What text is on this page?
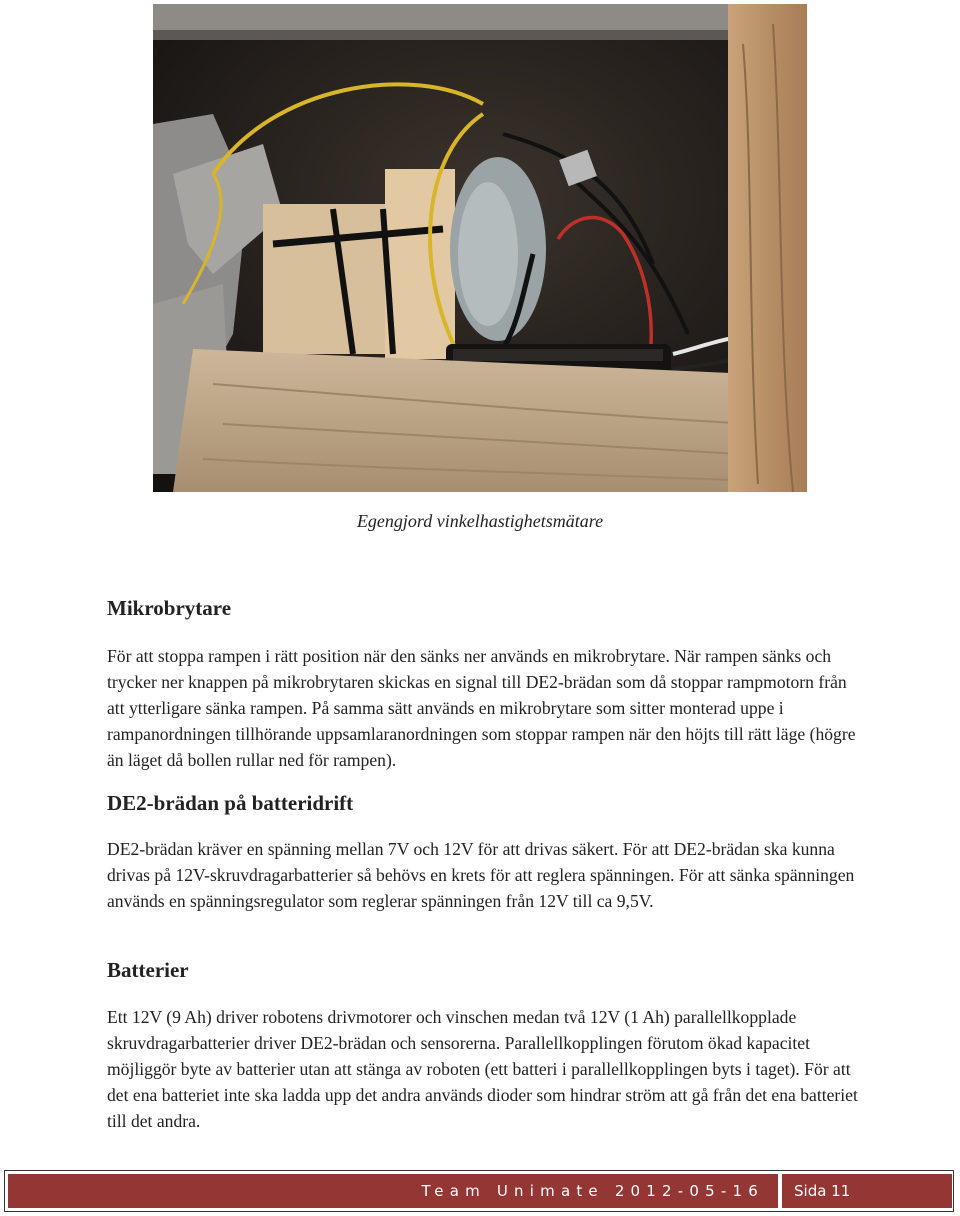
Egengjord vinkelhastighetsmätare
Mikrobrytare

För att stoppa rampen i rätt position när den sänks ner används en mikrobrytare. När rampen sänks och trycker ner knappen på mikrobrytaren skickas en signal till DE2-brädan som då stoppar rampmotorn från att ytterligare sänka rampen. På samma sätt används en mikrobrytare som sitter monterad uppe i rampanordningen tillhörande uppsamlaranordningen som stoppar rampen när den höjts till rätt läge (högre än läget då bollen rullar ned för rampen).

DE2-brädan på batteridrift

DE2-brädan kräver en spänning mellan 7V och 12V för att drivas säkert. För att DE2-brädan ska kunna drivas på 12V-skruvdragarbatterier så behövs en krets för att reglera spänningen. För att sänka spänningen används en spänningsregulator som reglerar spänningen från 12V till ca 9,5V.

Batterier

Ett 12V (9 Ah) driver robotens drivmotorer och vinschen medan två 12V (1 Ah) parallellkopplade skruvdragarbatterier driver DE2-brädan och sensorerna. Parallellkopplingen förutom ökad kapacitet möjliggör byte av batterier utan att stänga av roboten (ett batteri i parallellkopplingen byts i taget). För att det ena batteriet inte ska ladda upp det andra används dioder som hindrar ström att gå från det ena batteriet till det andra.

Team Unimate 2012-05-16	Sida 11
